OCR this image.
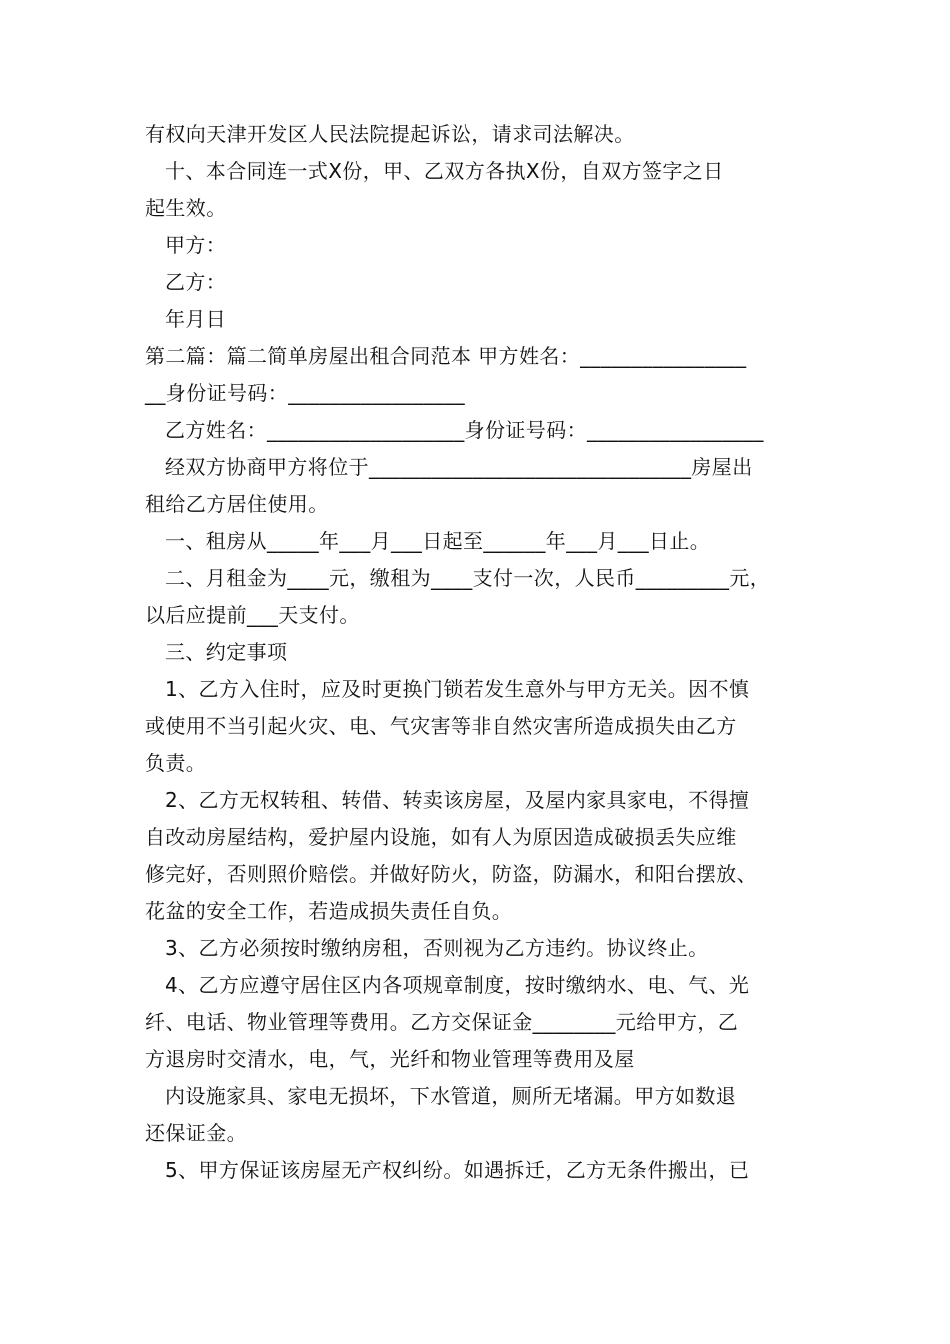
有权向天津开发区人民法院提起诉讼，请求司法解决。
十、本合同连一式Ⅹ份，甲、乙双方各执Ⅹ份，自双方签字之日
起生效。
甲方：
乙方：
年月日
第二篇：篇二简单房屋出租合同范本 甲方姓名：________________
__身份证号码：_________________
乙方姓名：___________________身份证号码：_________________
经双方协商甲方将位于_______________________________房屋出
租给乙方居住使用。
一、租房从_____年___月___日起至______年___月___日止。
二、月租金为____元，缴租为____支付一次，人民币_________元，
以后应提前___天支付。
三、约定事项
1、乙方入住时，应及时更换门锁若发生意外与甲方无关。因不慎
或使用不当引起火灾、电、气灾害等非自然灾害所造成损失由乙方
负责。
2、乙方无权转租、转借、转卖该房屋，及屋内家具家电，不得擅
自改动房屋结构，爱护屋内设施，如有人为原因造成破损丢失应维
修完好，否则照价赔偿。并做好防火，防盗，防漏水，和阳台摆放、
花盆的安全工作，若造成损失责任自负。
3、乙方必须按时缴纳房租，否则视为乙方违约。协议终止。
4、乙方应遵守居住区内各项规章制度，按时缴纳水、电、气、光
纤、电话、物业管理等费用。乙方交保证金________元给甲方，乙
方退房时交清水，电，气，光纤和物业管理等费用及屋
内设施家具、家电无损坏，下水管道，厕所无堵漏。甲方如数退
还保证金。
5、甲方保证该房屋无产权纠纷。如遇拆迁，乙方无条件搬出，已
